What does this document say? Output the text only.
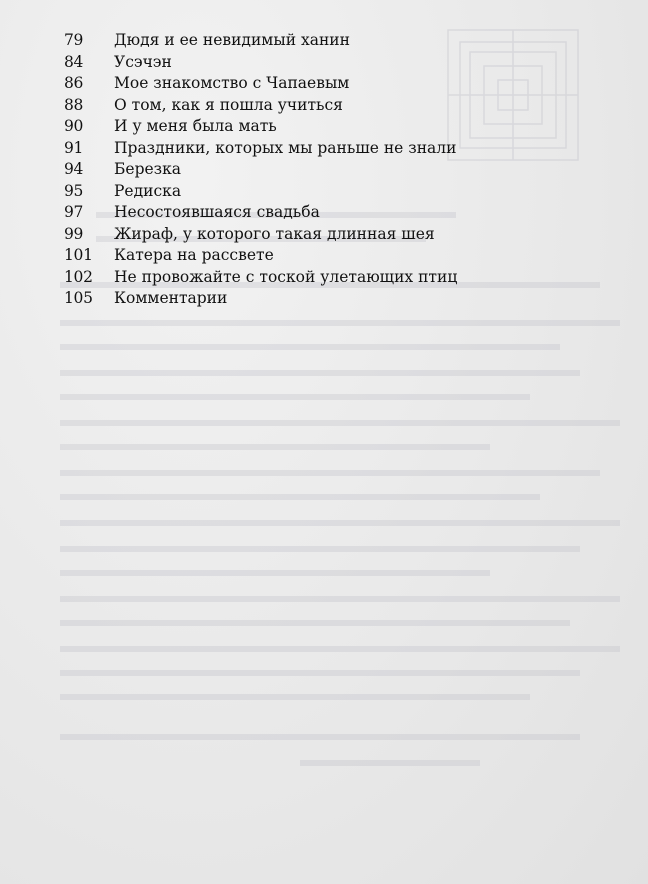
79	Дюдя и ее невидимый ханин
84	Усэчэн
86	Мое знакомство с Чапаевым
88	О том, как я пошла учиться
90	И у меня была мать
91	Праздники, которых мы раньше не знали
94	Березка
95	Редиска
97	Несостоявшаяся свадьба
99	Жираф, у которого такая длинная шея
101	Катера на рассвете
102	Не провожайте с тоской улетающих птиц
105	Комментарии
